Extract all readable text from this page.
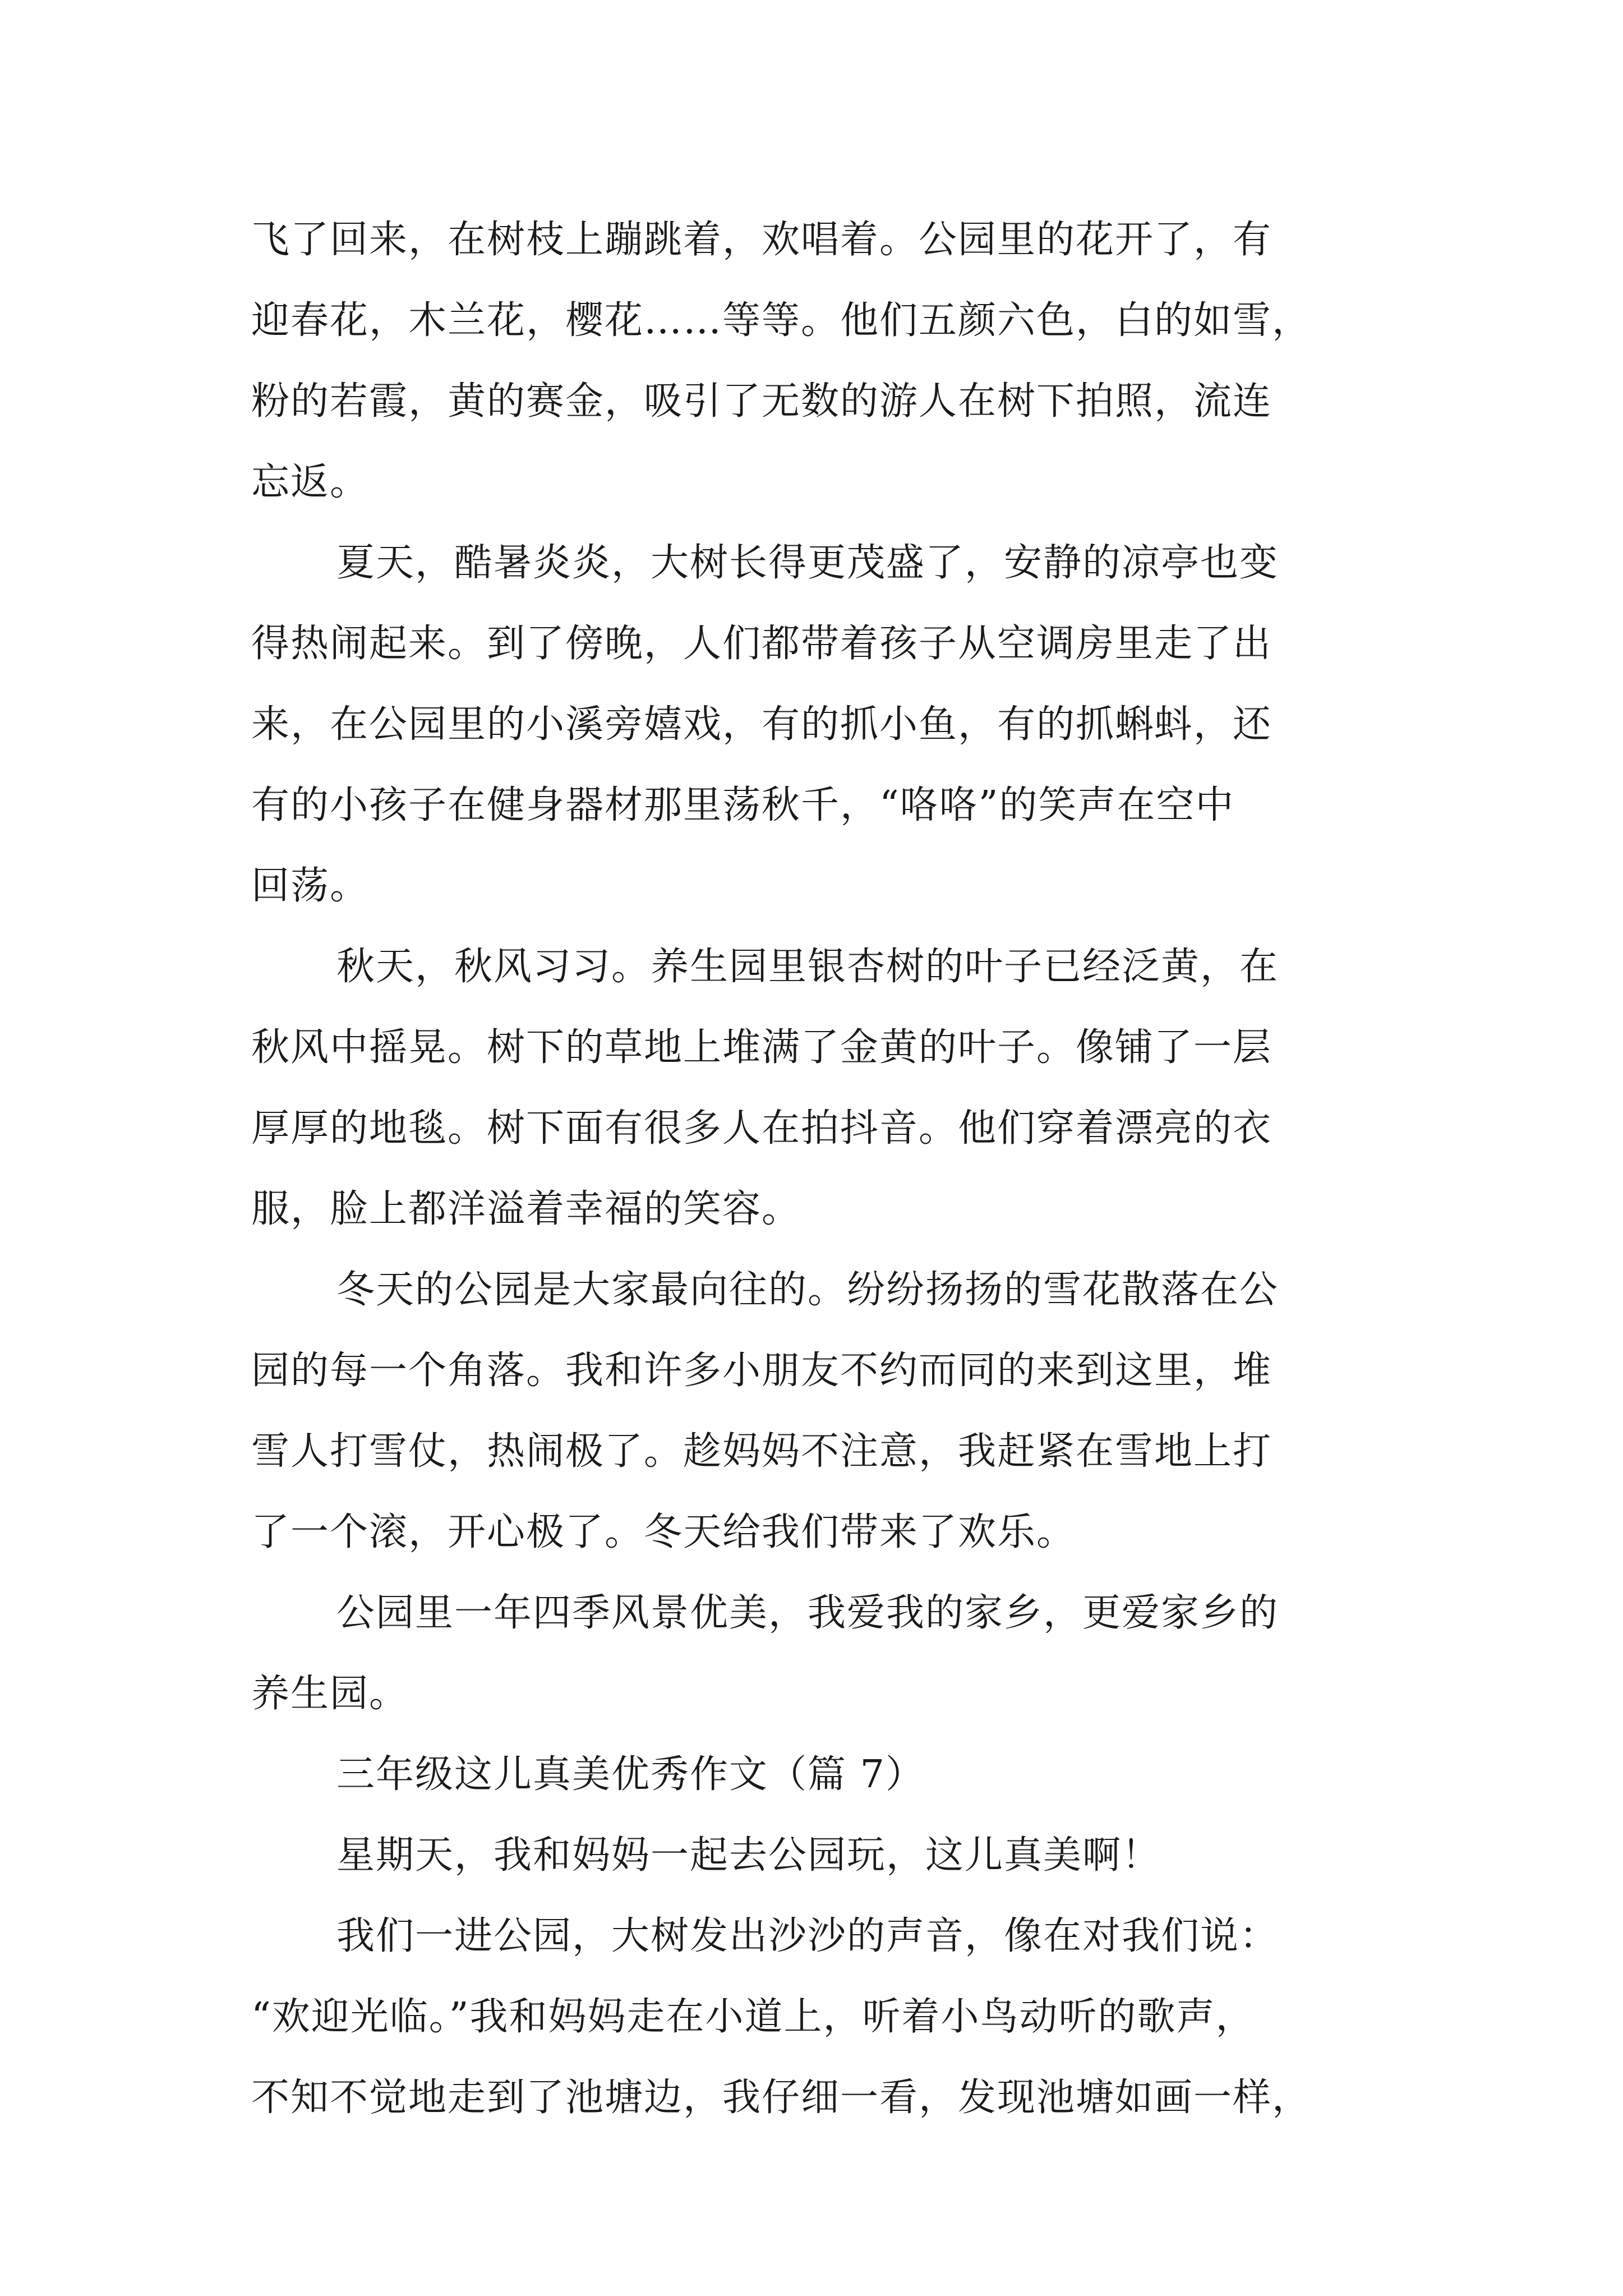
飞了回来，在树枝上蹦跳着，欢唱着。公园里的花开了，有
迎春花，木兰花，樱花……等等。他们五颜六色，白的如雪，
粉的若霞，黄的赛金，吸引了无数的游人在树下拍照，流连
忘返。
夏天，酷暑炎炎，大树长得更茂盛了，安静的凉亭也变
得热闹起来。到了傍晚，人们都带着孩子从空调房里走了出
来，在公园里的小溪旁嬉戏，有的抓小鱼，有的抓蝌蚪，还
有的小孩子在健身器材那里荡秋千，“咯咯”的笑声在空中
回荡。
秋天，秋风习习。养生园里银杏树的叶子已经泛黄，在
秋风中摇晃。树下的草地上堆满了金黄的叶子。像铺了一层
厚厚的地毯。树下面有很多人在拍抖音。他们穿着漂亮的衣
服，脸上都洋溢着幸福的笑容。
冬天的公园是大家最向往的。纷纷扬扬的雪花散落在公
园的每一个角落。我和许多小朋友不约而同的来到这里，堆
雪人打雪仗，热闹极了。趁妈妈不注意，我赶紧在雪地上打
了一个滚，开心极了。冬天给我们带来了欢乐。
公园里一年四季风景优美，我爱我的家乡，更爱家乡的
养生园。
三年级这儿真美优秀作文（篇 7）
星期天，我和妈妈一起去公园玩，这儿真美啊！
我们一进公园，大树发出沙沙的声音，像在对我们说：
“欢迎光临。”我和妈妈走在小道上，听着小鸟动听的歌声，
不知不觉地走到了池塘边，我仔细一看，发现池塘如画一样，
